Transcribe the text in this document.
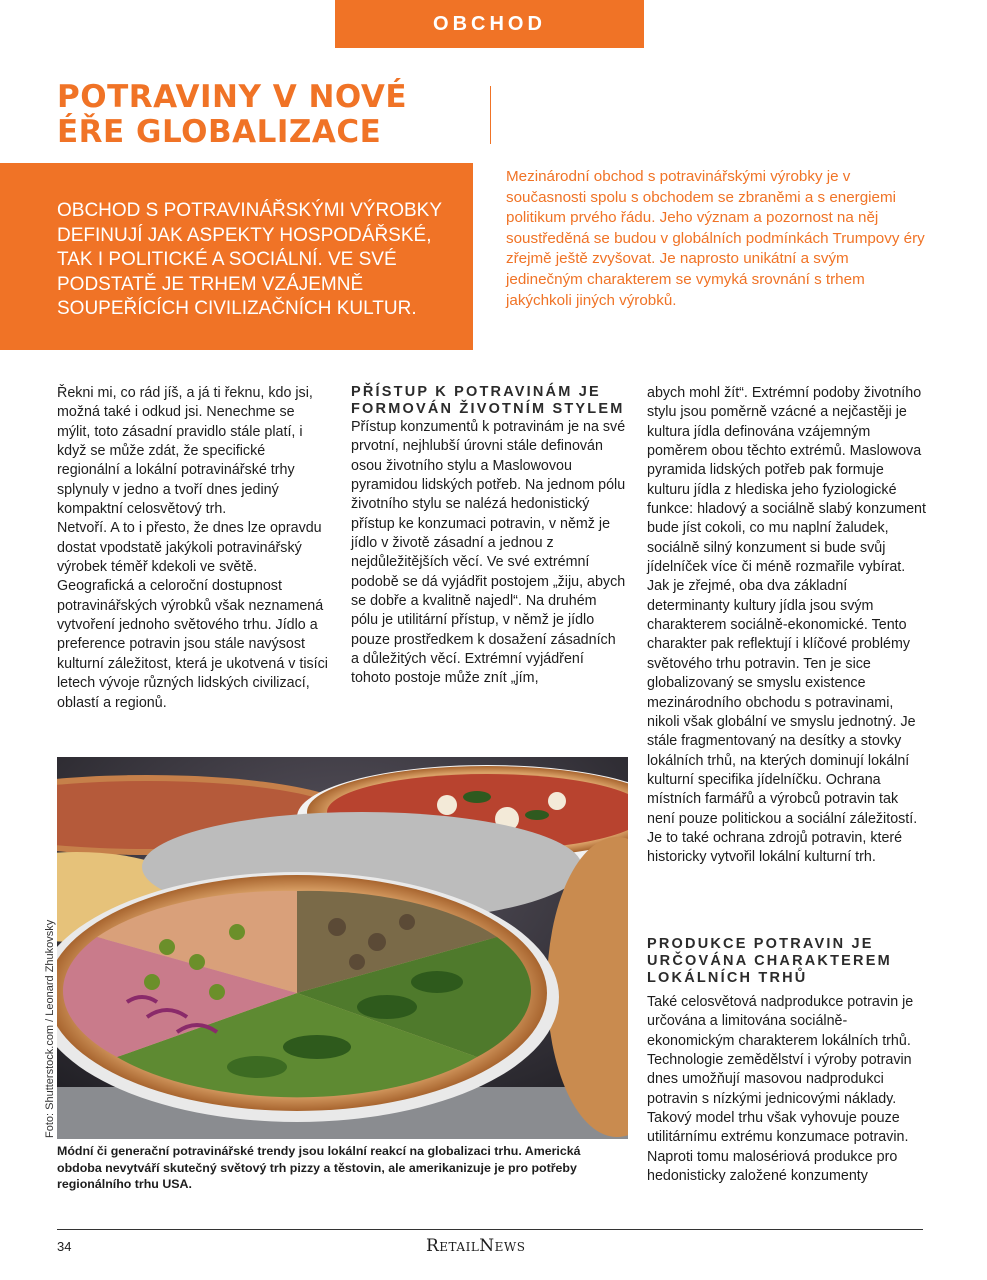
OBCHOD
POTRAVINY V NOVÉ ÉŘE GLOBALIZACE
OBCHOD S POTRAVINÁŘSKÝMI VÝROBKY DEFINUJÍ JAK ASPEKTY HOSPODÁŘSKÉ, TAK I POLITICKÉ A SOCIÁLNÍ. VE SVÉ PODSTATĚ JE TRHEM VZÁJEMNĚ SOUPEŘÍCÍCH CIVILIZAČNÍCH KULTUR.
Mezinárodní obchod s potravinářskými výrobky je v současnosti spolu s obchodem se zbraněmi a s energiemi politikum prvého řádu. Jeho význam a pozornost na něj soustředěná se budou v globálních podmínkách Trumpovy éry zřejmě ještě zvyšovat. Je naprosto unikátní a svým jedinečným charakterem se vymyká srovnání s trhem jakýchkoli jiných výrobků.

Řekni mi, co rád jíš, a já ti řeknu, kdo jsi, možná také i odkud jsi. Nenechme se mýlit, toto zásadní pravidlo stále platí, i když se může zdát, že specifické regionální a lokální potravinářské trhy splynuly v jedno a tvoří dnes jediný kompaktní celosvětový trh.

Netvoří. A to i přesto, že dnes lze opravdu dostat vpodstatě jakýkoli potravinářský výrobek téměř kdekoli ve světě. Geografická a celoroční dostupnost potravinářských výrobků však neznamená vytvoření jednoho světového trhu. Jídlo a preference potravin jsou stále navýsost kulturní záležitost, která je ukotvená v tisíci letech vývoje různých lidských civilizací, oblastí a regionů.

PŘÍSTUP K POTRAVINÁM JE FORMOVÁN ŽIVOTNÍM STYLEM

Přístup konzumentů k potravinám je na své prvotní, nejhlubší úrovni stále definován osou životního stylu a Maslowovou pyramidou lidských potřeb. Na jednom pólu životního stylu se nalézá hedonistický přístup ke konzumaci potravin, v němž je jídlo v životě zásadní a jednou z nejdůležitějších věcí. Ve své extrémní podobě se dá vyjádřit postojem „žiju, abych se dobře a kvalitně najedl“. Na druhém pólu je utilitární přístup, v němž je jídlo pouze prostředkem k dosažení zásadních a důležitých věcí. Extrémní vyjádření tohoto postoje může znít „jím,

abych mohl žít“. Extrémní podoby životního stylu jsou poměrně vzácné a nejčastěji je kultura jídla definována vzájemným poměrem obou těchto extrémů. Maslowova pyramida lidských potřeb pak formuje kulturu jídla z hlediska jeho fyziologické funkce: hladový a sociálně slabý konzument bude jíst cokoli, co mu naplní žaludek, sociálně silný konzument si bude svůj jídelníček více či méně rozmařile vybírat.

Jak je zřejmé, oba dva základní determinanty kultury jídla jsou svým charakterem sociálně-ekonomické. Tento charakter pak reflektují i klíčové problémy světového trhu potravin. Ten je sice globalizovaný se smyslu existence mezinárodního obchodu s potravinami, nikoli však globální ve smyslu jednotný. Je stále fragmentovaný na desítky a stovky lokálních trhů, na kterých dominují lokální kulturní specifika jídelníčku. Ochrana místních farmářů a výrobců potravin tak není pouze politickou a sociální záležitostí. Je to také ochrana zdrojů potravin, které historicky vytvořil lokální kulturní trh.

PRODUKCE POTRAVIN JE URČOVÁNA CHARAKTEREM LOKÁLNÍCH TRHŮ

Také celosvětová nadprodukce potravin je určována a limitována sociálně-ekonomickým charakterem lokálních trhů. Technologie zemědělství i výroby potravin dnes umožňují masovou nadprodukci potravin s nízkými jednicovými náklady. Takový model trhu však vyhovuje pouze utilitárnímu extrému konzumace potravin. Naproti tomu malosériová produkce pro hedonisticky založené konzumenty

Foto: Shutterstock.com / Leonard Zhukovsky
Módní či generační potravinářské trendy jsou lokální reakcí na globalizaci trhu. Americká obdoba nevytváří skutečný světový trh pizzy a těstovin, ale amerikanizuje je pro potřeby regionálního trhu USA.
34	RetailNews
